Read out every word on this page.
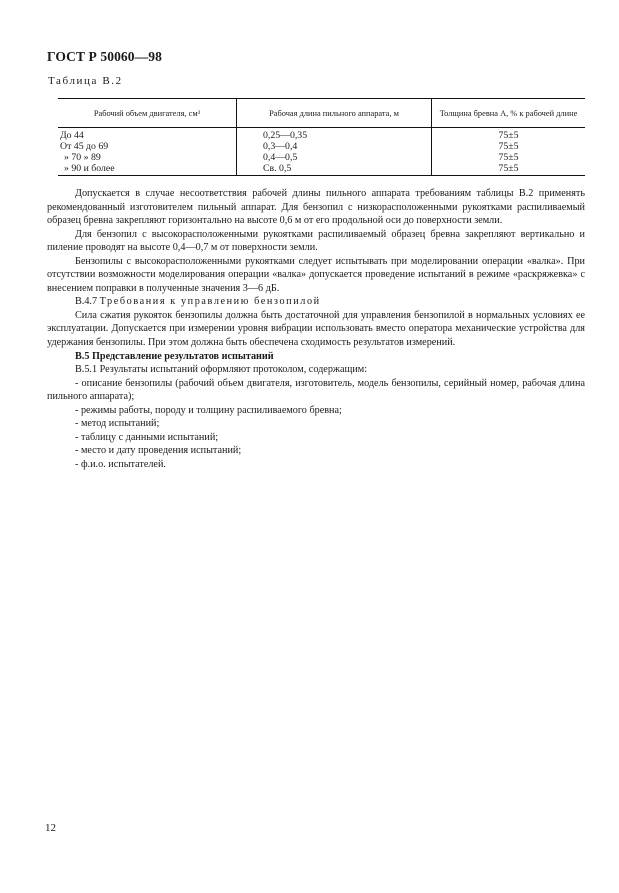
ГОСТ Р 50060—98
Таблица В.2
Рабочий объем двигателя, см³	Рабочая длина пильного аппарата, м	Толщина бревна A, % к рабочей длине
До 44	0,25—0,35	75±5
От 45 до 69	0,3—0,4	75±5
» 70 » 89	0,4—0,5	75±5
» 90 и более	Св. 0,5	75±5

Допускается в случае несоответствия рабочей длины пильного аппарата требованиям таблицы В.2 применять рекомендованный изготовителем пильный аппарат. Для бензопил с низкорасположенными рукоятками распиливаемый образец бревна закрепляют горизонтально на высоте 0,6 м от его продольной оси до поверхности земли.

Для бензопил с высокорасположенными рукоятками распиливаемый образец бревна закрепляют вертикально и пиление проводят на высоте 0,4—0,7 м от поверхности земли.

Бензопилы с высокорасположенными рукоятками следует испытывать при моделировании операции «валка». При отсутствии возможности моделирования операции «валка» допускается проведение испытаний в режиме «раскряжевка» с внесением поправки в полученные значения 3—6 дБ.

В.4.7 Требования к управлению бензопилой

Сила сжатия рукояток бензопилы должна быть достаточной для управления бензопилой в нормальных условиях ее эксплуатации. Допускается при измерении уровня вибрации использовать вместо оператора механические устройства для удержания бензопилы. При этом должна быть обеспечена сходимость результатов измерений.

В.5 Представление результатов испытаний

В.5.1 Результаты испытаний оформляют протоколом, содержащим:

- описание бензопилы (рабочий объем двигателя, изготовитель, модель бензопилы, серийный номер, рабочая длина пильного аппарата);

- режимы работы, породу и толщину распиливаемого бревна;

- метод испытаний;

- таблицу с данными испытаний;

- место и дату проведения испытаний;

- ф.и.о. испытателей.

12
